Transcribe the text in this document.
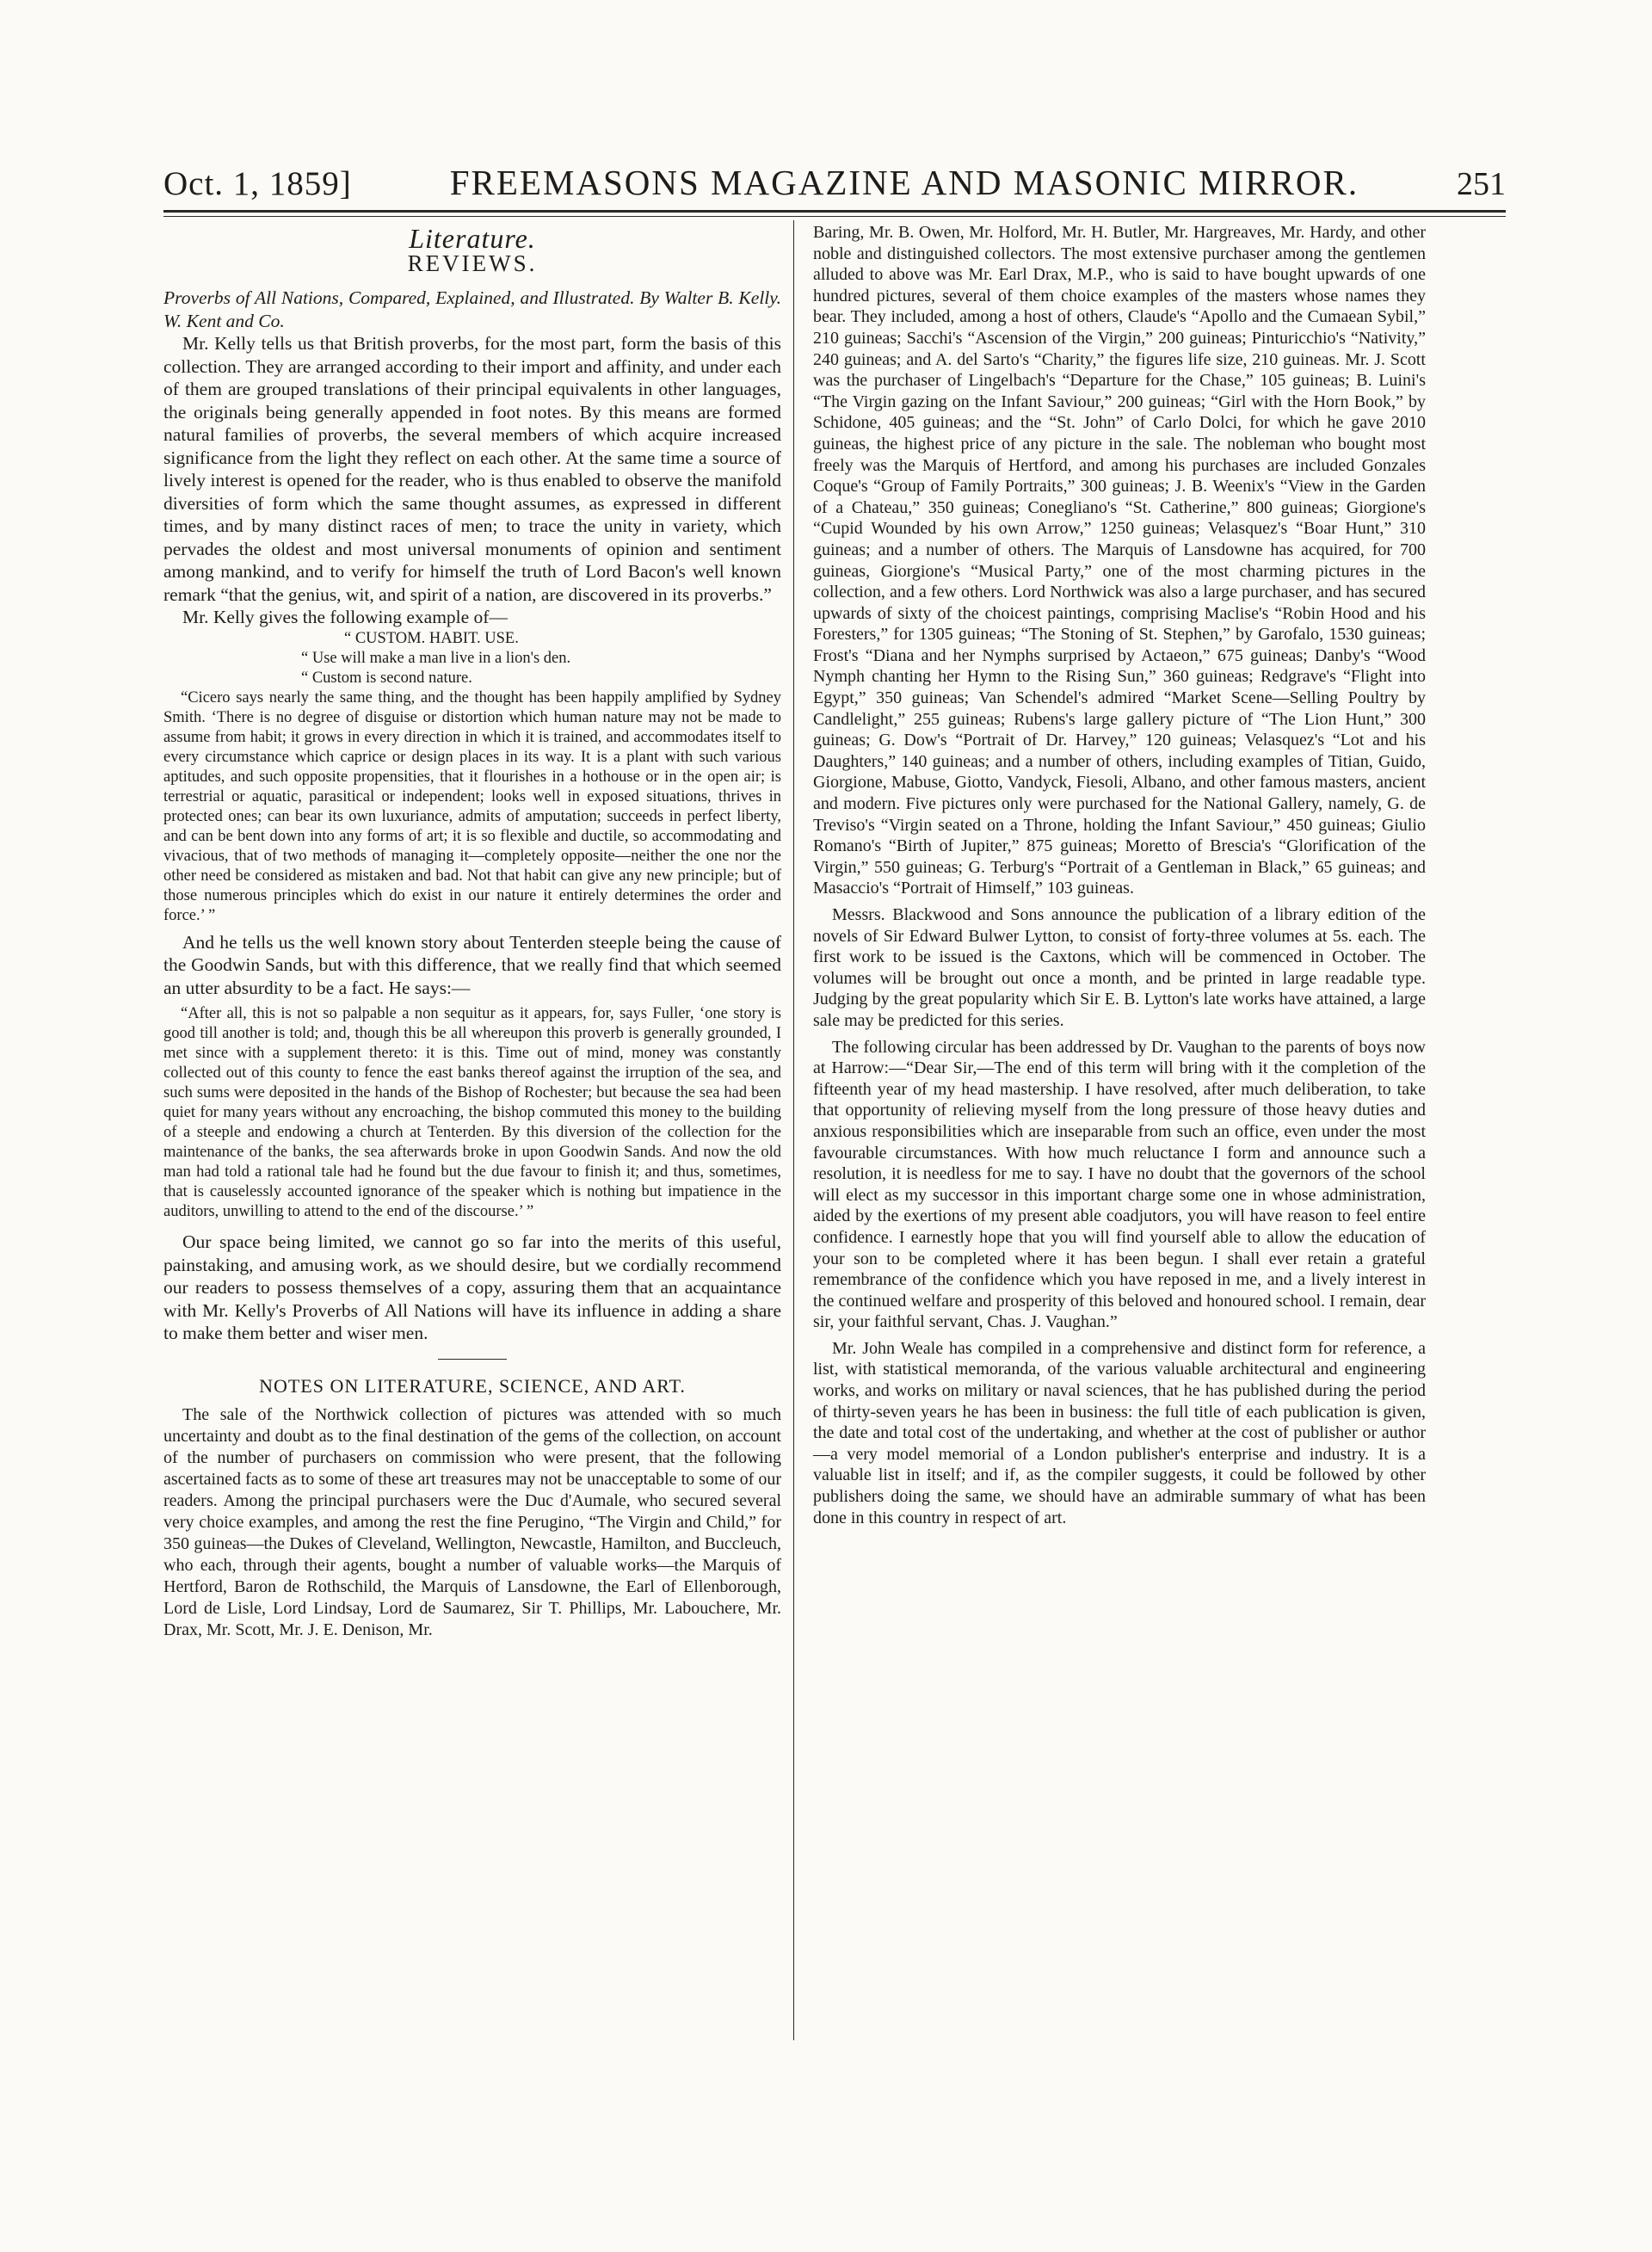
Oct. 1, 1859]	FREEMASONS MAGAZINE AND MASONIC MIRROR.	251
Literature.
REVIEWS.

Proverbs of All Nations, Compared, Explained, and Illustrated. By Walter B. Kelly. W. Kent and Co.

Mr. Kelly tells us that British proverbs, for the most part, form the basis of this collection. They are arranged according to their import and affinity, and under each of them are grouped translations of their principal equivalents in other languages, the originals being generally appended in foot notes. By this means are formed natural families of proverbs, the several members of which acquire increased significance from the light they reflect on each other. At the same time a source of lively interest is opened for the reader, who is thus enabled to observe the manifold diversities of form which the same thought assumes, as expressed in different times, and by many distinct races of men; to trace the unity in variety, which pervades the oldest and most universal monuments of opinion and sentiment among mankind, and to verify for himself the truth of Lord Bacon's well known remark “that the genius, wit, and spirit of a nation, are discovered in its proverbs.”

Mr. Kelly gives the following example of—

“ CUSTOM. HABIT. USE.
“ Use will make a man live in a lion's den.
“ Custom is second nature.

“Cicero says nearly the same thing, and the thought has been happily amplified by Sydney Smith. ‘There is no degree of disguise or distortion which human nature may not be made to assume from habit; it grows in every direction in which it is trained, and accommodates itself to every circumstance which caprice or design places in its way. It is a plant with such various aptitudes, and such opposite propensities, that it flourishes in a hothouse or in the open air; is terrestrial or aquatic, parasitical or independent; looks well in exposed situations, thrives in protected ones; can bear its own luxuriance, admits of amputation; succeeds in perfect liberty, and can be bent down into any forms of art; it is so flexible and ductile, so accommodating and vivacious, that of two methods of managing it—completely opposite—neither the one nor the other need be considered as mistaken and bad. Not that habit can give any new principle; but of those numerous principles which do exist in our nature it entirely determines the order and force.’ ”

And he tells us the well known story about Tenterden steeple being the cause of the Goodwin Sands, but with this difference, that we really find that which seemed an utter absurdity to be a fact. He says:—

“After all, this is not so palpable a non sequitur as it appears, for, says Fuller, ‘one story is good till another is told; and, though this be all whereupon this proverb is generally grounded, I met since with a supplement thereto: it is this. Time out of mind, money was constantly collected out of this county to fence the east banks thereof against the irruption of the sea, and such sums were deposited in the hands of the Bishop of Rochester; but because the sea had been quiet for many years without any encroaching, the bishop commuted this money to the building of a steeple and endowing a church at Tenterden. By this diversion of the collection for the maintenance of the banks, the sea afterwards broke in upon Goodwin Sands. And now the old man had told a rational tale had he found but the due favour to finish it; and thus, sometimes, that is causelessly accounted ignorance of the speaker which is nothing but impatience in the auditors, unwilling to attend to the end of the discourse.’ ”

Our space being limited, we cannot go so far into the merits of this useful, painstaking, and amusing work, as we should desire, but we cordially recommend our readers to possess themselves of a copy, assuring them that an acquaintance with Mr. Kelly's Proverbs of All Nations will have its influence in adding a share to make them better and wiser men.

NOTES ON LITERATURE, SCIENCE, AND ART.

The sale of the Northwick collection of pictures was attended with so much uncertainty and doubt as to the final destination of the gems of the collection, on account of the number of purchasers on commission who were present, that the following ascertained facts as to some of these art treasures may not be unacceptable to some of our readers. Among the principal purchasers were the Duc d'Aumale, who secured several very choice examples, and among the rest the fine Perugino, “The Virgin and Child,” for 350 guineas—the Dukes of Cleveland, Wellington, Newcastle, Hamilton, and Buccleuch, who each, through their agents, bought a number of valuable works—the Marquis of Hertford, Baron de Rothschild, the Marquis of Lansdowne, the Earl of Ellenborough, Lord de Lisle, Lord Lindsay, Lord de Saumarez, Sir T. Phillips, Mr. Labouchere, Mr. Drax, Mr. Scott, Mr. J. E. Denison, Mr.

Baring, Mr. B. Owen, Mr. Holford, Mr. H. Butler, Mr. Hargreaves, Mr. Hardy, and other noble and distinguished collectors. The most extensive purchaser among the gentlemen alluded to above was Mr. Earl Drax, M.P., who is said to have bought upwards of one hundred pictures, several of them choice examples of the masters whose names they bear. They included, among a host of others, Claude's “Apollo and the Cumaean Sybil,” 210 guineas; Sacchi's “Ascension of the Virgin,” 200 guineas; Pinturicchio's “Nativity,” 240 guineas; and A. del Sarto's “Charity,” the figures life size, 210 guineas. Mr. J. Scott was the purchaser of Lingelbach's “Departure for the Chase,” 105 guineas; B. Luini's “The Virgin gazing on the Infant Saviour,” 200 guineas; “Girl with the Horn Book,” by Schidone, 405 guineas; and the “St. John” of Carlo Dolci, for which he gave 2010 guineas, the highest price of any picture in the sale. The nobleman who bought most freely was the Marquis of Hertford, and among his purchases are included Gonzales Coque's “Group of Family Portraits,” 300 guineas; J. B. Weenix's “View in the Garden of a Chateau,” 350 guineas; Conegliano's “St. Catherine,” 800 guineas; Giorgione's “Cupid Wounded by his own Arrow,” 1250 guineas; Velasquez's “Boar Hunt,” 310 guineas; and a number of others. The Marquis of Lansdowne has acquired, for 700 guineas, Giorgione's “Musical Party,” one of the most charming pictures in the collection, and a few others. Lord Northwick was also a large purchaser, and has secured upwards of sixty of the choicest paintings, comprising Maclise's “Robin Hood and his Foresters,” for 1305 guineas; “The Stoning of St. Stephen,” by Garofalo, 1530 guineas; Frost's “Diana and her Nymphs surprised by Actaeon,” 675 guineas; Danby's “Wood Nymph chanting her Hymn to the Rising Sun,” 360 guineas; Redgrave's “Flight into Egypt,” 350 guineas; Van Schendel's admired “Market Scene—Selling Poultry by Candlelight,” 255 guineas; Rubens's large gallery picture of “The Lion Hunt,” 300 guineas; G. Dow's “Portrait of Dr. Harvey,” 120 guineas; Velasquez's “Lot and his Daughters,” 140 guineas; and a number of others, including examples of Titian, Guido, Giorgione, Mabuse, Giotto, Vandyck, Fiesoli, Albano, and other famous masters, ancient and modern. Five pictures only were purchased for the National Gallery, namely, G. de Treviso's “Virgin seated on a Throne, holding the Infant Saviour,” 450 guineas; Giulio Romano's “Birth of Jupiter,” 875 guineas; Moretto of Brescia's “Glorification of the Virgin,” 550 guineas; G. Terburg's “Portrait of a Gentleman in Black,” 65 guineas; and Masaccio's “Portrait of Himself,” 103 guineas.

Messrs. Blackwood and Sons announce the publication of a library edition of the novels of Sir Edward Bulwer Lytton, to consist of forty-three volumes at 5s. each. The first work to be issued is the Caxtons, which will be commenced in October. The volumes will be brought out once a month, and be printed in large readable type. Judging by the great popularity which Sir E. B. Lytton's late works have attained, a large sale may be predicted for this series.

The following circular has been addressed by Dr. Vaughan to the parents of boys now at Harrow:—“Dear Sir,—The end of this term will bring with it the completion of the fifteenth year of my head mastership. I have resolved, after much deliberation, to take that opportunity of relieving myself from the long pressure of those heavy duties and anxious responsibilities which are inseparable from such an office, even under the most favourable circumstances. With how much reluctance I form and announce such a resolution, it is needless for me to say. I have no doubt that the governors of the school will elect as my successor in this important charge some one in whose administration, aided by the exertions of my present able coadjutors, you will have reason to feel entire confidence. I earnestly hope that you will find yourself able to allow the education of your son to be completed where it has been begun. I shall ever retain a grateful remembrance of the confidence which you have reposed in me, and a lively interest in the continued welfare and prosperity of this beloved and honoured school. I remain, dear sir, your faithful servant, Chas. J. Vaughan.”

Mr. John Weale has compiled in a comprehensive and distinct form for reference, a list, with statistical memoranda, of the various valuable architectural and engineering works, and works on military or naval sciences, that he has published during the period of thirty-seven years he has been in business: the full title of each publication is given, the date and total cost of the undertaking, and whether at the cost of publisher or author—a very model memorial of a London publisher's enterprise and industry. It is a valuable list in itself; and if, as the compiler suggests, it could be followed by other publishers doing the same, we should have an admirable summary of what has been done in this country in respect of art.
